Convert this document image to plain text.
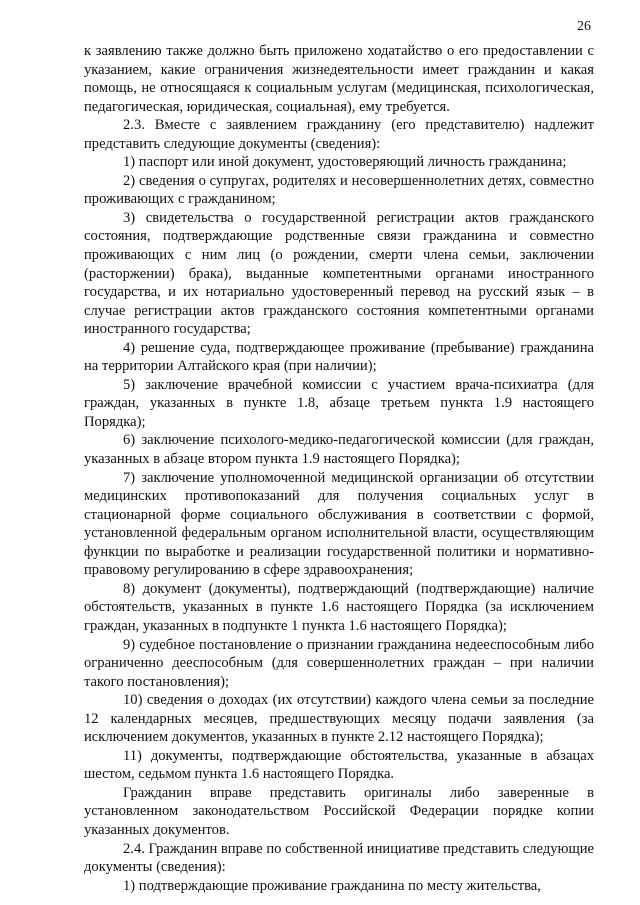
26

к заявлению также должно быть приложено ходатайство о его предоставлении с указанием, какие ограничения жизнедеятельности имеет гражданин и какая помощь, не относящаяся к социальным услугам (медицинская, психологическая, педагогическая, юридическая, социальная), ему требуется.

2.3. Вместе с заявлением гражданину (его представителю) надлежит представить следующие документы (сведения):

1) паспорт или иной документ, удостоверяющий личность гражданина;

2) сведения о супругах, родителях и несовершеннолетних детях, совместно проживающих с гражданином;

3) свидетельства о государственной регистрации актов гражданского состояния, подтверждающие родственные связи гражданина и совместно проживающих с ним лиц (о рождении, смерти члена семьи, заключении (расторжении) брака), выданные компетентными органами иностранного государства, и их нотариально удостоверенный перевод на русский язык – в случае регистрации актов гражданского состояния компетентными органами иностранного государства;

4) решение суда, подтверждающее проживание (пребывание) гражданина на территории Алтайского края (при наличии);

5) заключение врачебной комиссии с участием врача-психиатра (для граждан, указанных в пункте 1.8, абзаце третьем пункта 1.9 настоящего Порядка);

6) заключение психолого-медико-педагогической комиссии (для граждан, указанных в абзаце втором пункта 1.9 настоящего Порядка);

7) заключение уполномоченной медицинской организации об отсутствии медицинских противопоказаний для получения социальных услуг в стационарной форме социального обслуживания в соответствии с формой, установленной федеральным органом исполнительной власти, осуществляющим функции по выработке и реализации государственной политики и нормативно-правовому регулированию в сфере здравоохранения;

8) документ (документы), подтверждающий (подтверждающие) наличие обстоятельств, указанных в пункте 1.6 настоящего Порядка (за исключением граждан, указанных в подпункте 1 пункта 1.6 настоящего Порядка);

9) судебное постановление о признании гражданина недееспособным либо ограниченно дееспособным (для совершеннолетних граждан – при наличии такого постановления);

10) сведения о доходах (их отсутствии) каждого члена семьи за последние 12 календарных месяцев, предшествующих месяцу подачи заявления (за исключением документов, указанных в пункте 2.12 настоящего Порядка);

11) документы, подтверждающие обстоятельства, указанные в абзацах шестом, седьмом пункта 1.6 настоящего Порядка.

Гражданин вправе представить оригиналы либо заверенные в установленном законодательством Российской Федерации порядке копии указанных документов.

2.4. Гражданин вправе по собственной инициативе представить следующие документы (сведения):

1) подтверждающие проживание гражданина по месту жительства,
